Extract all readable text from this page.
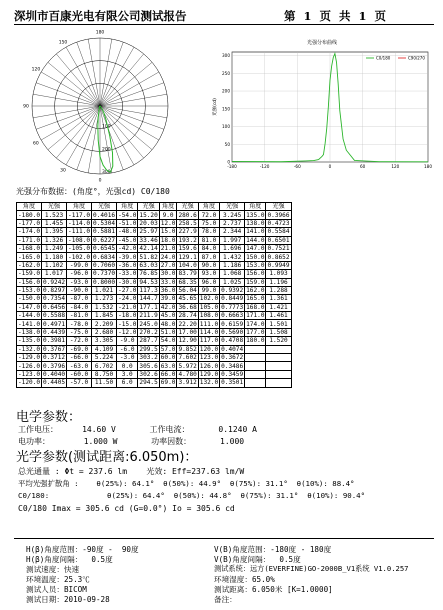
深圳市百康光电有限公司测试报告	第 1 页 共 1 页
100
200
300
180
150
120
90
60
30
0
光强分布曲线
C0/180	C90/270
300
250
200
150
100
50
0
-180	-120	-60	0	60	120	180
光强(cd)
光强分布数据：(角度°，光强cd) C0/180
角度	光强	角度	光强	角度	光强	角度	光强	角度	光强	角度	光强
-180.0	1.523	-117.0	0.4016	-54.0	15.20	9.0	280.6	72.0	3.245	135.0	0.3966
-177.0	1.455	-114.0	0.5304	-51.0	20.03	12.0	258.5	75.0	2.737	138.0	0.4723
-174.0	1.395	-111.0	0.5881	-48.0	25.97	15.0	227.9	78.0	2.344	141.0	0.5584
-171.0	1.326	-108.0	0.6227	-45.0	33.46	18.0	193.2	81.0	1.997	144.0	0.6501
-168.0	1.249	-105.0	0.6545	-42.0	42.14	21.0	159.6	84.0	1.696	147.0	0.7521
-165.0	1.180	-102.0	0.6834	-39.0	51.82	24.0	129.1	87.0	1.432	150.0	0.8652
-162.0	1.102	-99.0	0.7060	-36.0	63.03	27.0	104.0	90.0	1.186	153.0	0.9949
-159.0	1.017	-96.0	0.7370	-33.0	76.85	30.0	83.79	93.0	1.068	156.0	1.093
-156.0	0.9242	-93.0	0.8000	-30.0	94.53	33.0	68.35	96.0	1.025	159.0	1.196
-153.0	0.8297	-90.0	1.021	-27.0	117.3	36.0	56.04	99.0	0.9392	162.0	1.288
-150.0	0.7354	-87.0	1.273	-24.0	144.7	39.0	45.65	102.0	0.8449	165.0	1.361
-147.0	0.6456	-84.0	1.532	-21.0	177.1	42.0	36.68	105.0	0.7773	168.0	1.421
-144.0	0.5588	-81.0	1.845	-18.0	211.9	45.0	28.74	108.0	0.6663	171.0	1.461
-141.0	0.4971	-78.0	2.209	-15.0	245.0	48.0	22.20	111.0	0.6159	174.0	1.501
-138.0	0.4439	-75.0	2.680	-12.0	270.2	51.0	17.00	114.0	0.5690	177.0	1.508
-135.0	0.3981	-72.0	3.305	-9.0	287.7	54.0	12.90	117.0	0.4708	180.0	1.520
-132.0	0.3767	-69.0	4.109	-6.0	299.5	57.0	9.852	120.0	0.4074		
-129.0	0.3712	-66.0	5.224	-3.0	303.2	60.0	7.602	123.0	0.3672		
-126.0	0.3796	-63.0	6.702	0.0	305.6	63.0	5.972	126.0	0.3486		
-123.0	0.4040	-60.0	8.750	3.0	302.6	66.0	4.780	129.0	0.3459		
-120.0	0.4405	-57.0	11.50	6.0	294.5	69.0	3.912	132.0	0.3501		
电学参数：
工作电压：     14.60 V       工作电流：      0.1240 A
电功率：       1.000 W       功率因数：      1.000
光学参数(测试距离:6.050m)：
总光通量 : Φt = 237.6 lm    光效: Eff=237.63 lm/W
平均光强扩散角 :    θ(25%): 64.1°  θ(50%): 44.9°  θ(75%): 31.1°  θ(10%): 88.4°
C0/180:             θ(25%): 64.4°  θ(50%): 44.8°  θ(75%): 31.1°  θ(10%): 90.4°
C0/180 Imax = 305.6 cd (G=0.0°) Io = 305.6 cd
H(β)角度范围：-90度 -  90度
H(β)角度间隔：  0.5度
测试速度：快速
环境温度：25.3℃
测试人员：BICOM
测试日期：2010-09-28
V(B)角度范围：-180度 - 180度
V(B)角度间隔：  0.5度
测试系统：远方(EVERFINE)GO-2000B_V1系统 V1.0.257
环境湿度：65.0%
测试距离：6.050米 [K=1.0000]
备注：
